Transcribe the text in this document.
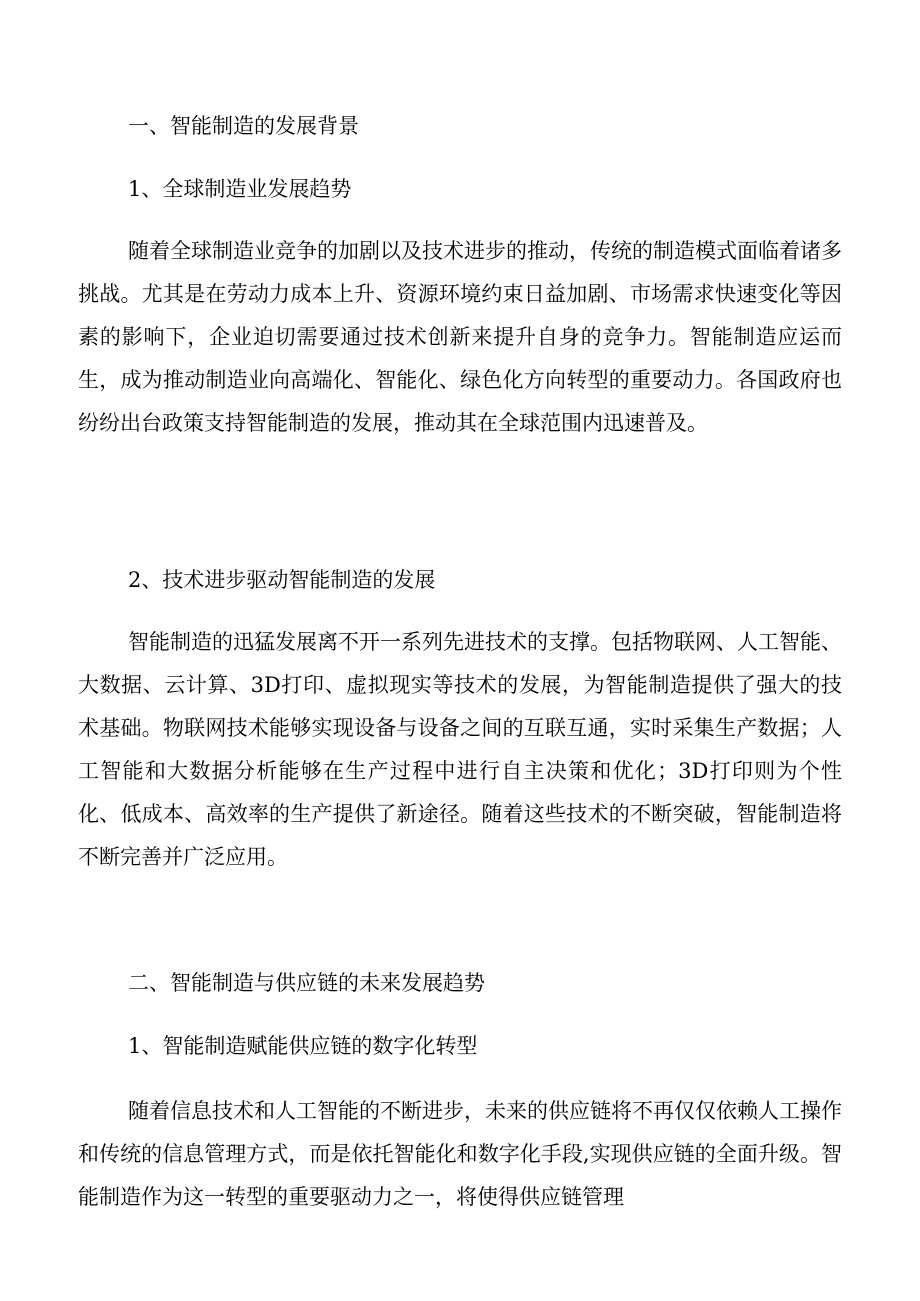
一、智能制造的发展背景
1、全球制造业发展趋势

随着全球制造业竞争的加剧以及技术进步的推动，传统的制造模式面临着诸多挑战。尤其是在劳动力成本上升、资源环境约束日益加剧、市场需求快速变化等因素的影响下，企业迫切需要通过技术创新来提升自身的竞争力。智能制造应运而生，成为推动制造业向高端化、智能化、绿色化方向转型的重要动力。各国政府也纷纷出台政策支持智能制造的发展，推动其在全球范围内迅速普及。

2、技术进步驱动智能制造的发展

智能制造的迅猛发展离不开一系列先进技术的支撑。包括物联网、人工智能、大数据、云计算、3D打印、虚拟现实等技术的发展，为智能制造提供了强大的技术基础。物联网技术能够实现设备与设备之间的互联互通，实时采集生产数据；人工智能和大数据分析能够在生产过程中进行自主决策和优化；3D打印则为个性化、低成本、高效率的生产提供了新途径。随着这些技术的不断突破，智能制造将不断完善并广泛应用。

二、智能制造与供应链的未来发展趋势
1、智能制造赋能供应链的数字化转型

随着信息技术和人工智能的不断进步，未来的供应链将不再仅仅依赖人工操作和传统的信息管理方式，而是依托智能化和数字化手段,实现供应链的全面升级。智能制造作为这一转型的重要驱动力之一，将使得供应链管理
